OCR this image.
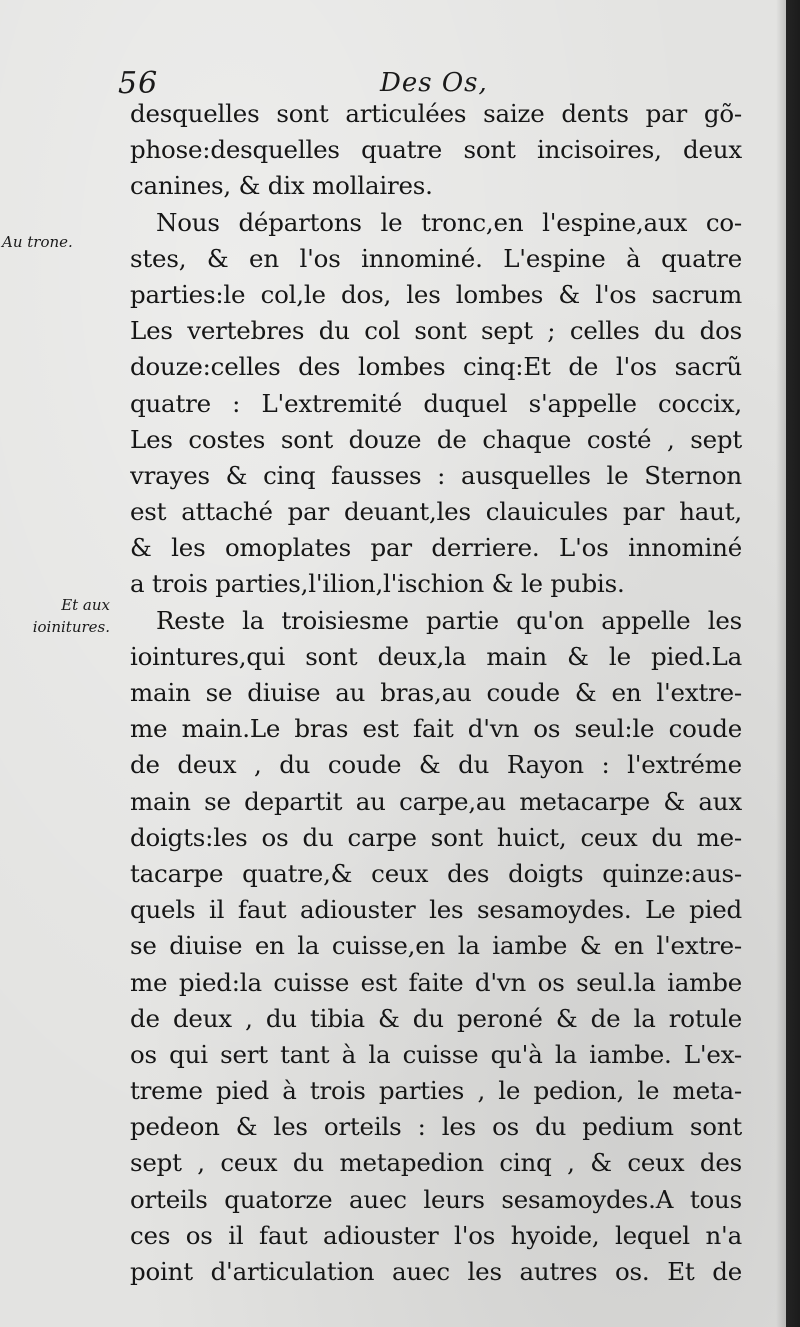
56	Des Os,
Au trone.
Et aux
ioinitures.
desquelles sont articulées saize dents par gõ-
phose:desquelles quatre sont incisoires, deux
canines, & dix mollaires.
Nous départons le tronc,en l'espine,aux co-
stes, & en l'os innominé. L'espine à quatre
parties:le col,le dos, les lombes & l'os sacrum
Les vertebres du col sont sept ; celles du dos
douze:celles des lombes cinq:Et de l'os sacrũ
quatre : L'extremité duquel s'appelle coccix,
Les costes sont douze de chaque costé , sept
vrayes & cinq fausses : ausquelles le Sternon
est attaché par deuant,les clauicules par haut,
& les omoplates par derriere. L'os innominé
a trois parties,l'ilion,l'ischion & le pubis.
Reste la troisiesme partie qu'on appelle les
iointures,qui sont deux,la main & le pied.La
main se diuise au bras,au coude & en l'extre-
me main.Le bras est fait d'vn os seul:le coude
de deux , du coude & du Rayon : l'extréme
main se departit au carpe,au metacarpe & aux
doigts:les os du carpe sont huict, ceux du me-
tacarpe quatre,& ceux des doigts quinze:aus-
quels il faut adiouster les sesamoydes. Le pied
se diuise en la cuisse,en la iambe & en l'extre-
me pied:la cuisse est faite d'vn os seul.la iambe
de deux , du tibia & du peroné & de la rotule
os qui sert tant à la cuisse qu'à la iambe. L'ex-
treme pied à trois parties , le pedion, le meta-
pedeon & les orteils : les os du pedium sont
sept , ceux du metapedion cinq , & ceux des
orteils quatorze auec leurs sesamoydes.A tous
ces os il faut adiouster l'os hyoide, lequel n'a
point d'articulation auec les autres os. Et de
